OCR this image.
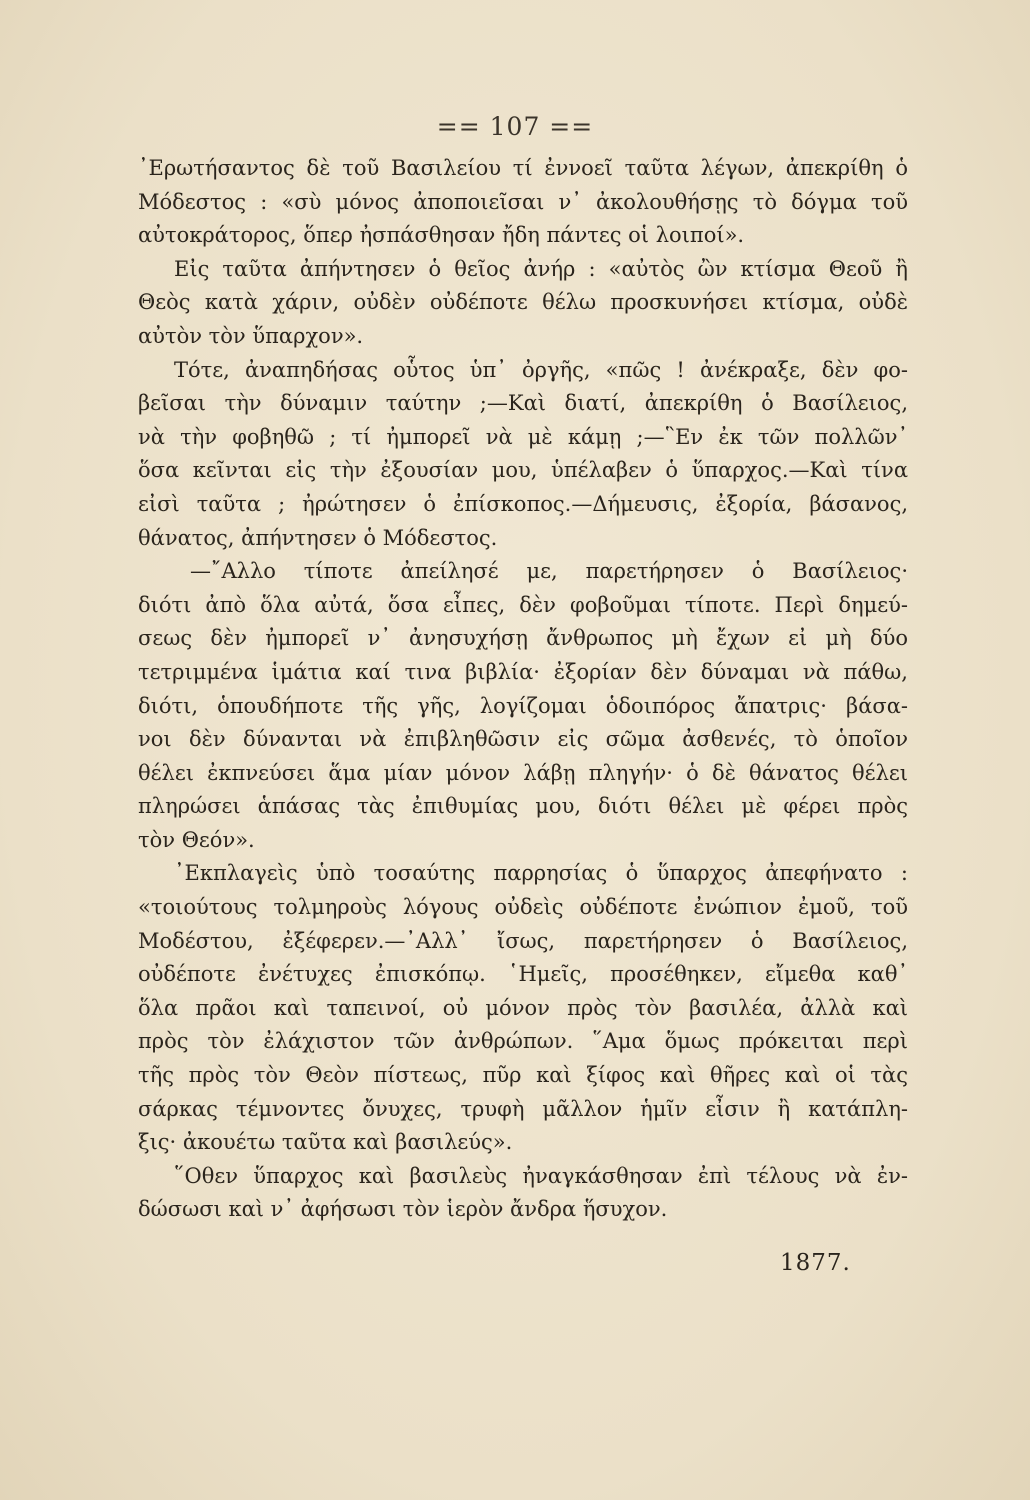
== 107 ==
᾿Ερωτήσαντος δὲ τοῦ Βασιλείου τί ἐννοεῖ ταῦτα λέγων, ἀπεκρίθη ὁ
Μόδεστος : «σὺ μόνος ἀποποιεῖσαι ν᾿ ἀκολουθήσῃς τὸ δόγμα τοῦ
αὐτοκράτορος, ὅπερ ἠσπάσθησαν ἤδη πάντες οἱ λοιποί».
Εἰς ταῦτα ἀπήντησεν ὁ θεῖος ἀνήρ : «αὐτὸς ὢν κτίσμα Θεοῦ ἢ
Θεὸς κατὰ χάριν, οὐδὲν οὐδέποτε θέλω προσκυνήσει κτίσμα, οὐδὲ
αὐτὸν τὸν ὕπαρχον».
Τότε, ἀναπηδήσας οὗτος ὑπ᾿ ὀργῆς, «πῶς ! ἀνέκραξε, δὲν φο-
βεῖσαι τὴν δύναμιν ταύτην ;—Καὶ διατί, ἀπεκρίθη ὁ Βασίλειος,
νὰ τὴν φοβηθῶ ; τί ἠμπορεῖ νὰ μὲ κάμῃ ;—῝Εν ἐκ τῶν πολλῶν᾿
ὅσα κεῖνται εἰς τὴν ἐξουσίαν μου, ὑπέλαβεν ὁ ὕπαρχος.—Καὶ τίνα
εἰσὶ ταῦτα ; ἠρώτησεν ὁ ἐπίσκοπος.—Δήμευσις, ἐξορία, βάσανος,
θάνατος, ἀπήντησεν ὁ Μόδεστος.
—῎Αλλο τίποτε ἀπείλησέ με, παρετήρησεν ὁ Βασίλειος·
διότι ἀπὸ ὅλα αὐτά, ὅσα εἶπες, δὲν φοβοῦμαι τίποτε. Περὶ δημεύ-
σεως δὲν ἠμπορεῖ ν᾿ ἀνησυχήσῃ ἄνθρωπος μὴ ἔχων εἰ μὴ δύο
τετριμμένα ἱμάτια καί τινα βιβλία· ἐξορίαν δὲν δύναμαι νὰ πάθω,
διότι, ὁπουδήποτε τῆς γῆς, λογίζομαι ὁδοιπόρος ἄπατρις· βάσα-
νοι δὲν δύνανται νὰ ἐπιβληθῶσιν εἰς σῶμα ἀσθενές, τὸ ὁποῖον
θέλει ἐκπνεύσει ἅμα μίαν μόνον λάβῃ πληγήν· ὁ δὲ θάνατος θέλει
πληρώσει ἁπάσας τὰς ἐπιθυμίας μου, διότι θέλει μὲ φέρει πρὸς
τὸν Θεόν».
᾿Εκπλαγεὶς ὑπὸ τοσαύτης παρρησίας ὁ ὕπαρχος ἀπεφήνατο :
«τοιούτους τολμηροὺς λόγους οὐδεὶς οὐδέποτε ἐνώπιον ἐμοῦ, τοῦ
Μοδέστου, ἐξέφερεν.—᾿Αλλ᾿ ἴσως, παρετήρησεν ὁ Βασίλειος,
οὐδέποτε ἐνέτυχες ἐπισκόπῳ. ῾Ημεῖς, προσέθηκεν, εἴμεθα καθ᾿
ὅλα πρᾶοι καὶ ταπεινοί, οὐ μόνον πρὸς τὸν βασιλέα, ἀλλὰ καὶ
πρὸς τὸν ἐλάχιστον τῶν ἀνθρώπων. ῞Αμα ὅμως πρόκειται περὶ
τῆς πρὸς τὸν Θεὸν πίστεως, πῦρ καὶ ξίφος καὶ θῆρες καὶ οἱ τὰς
σάρκας τέμνοντες ὄνυχες, τρυφὴ μᾶλλον ἡμῖν εἶσιν ἢ κατάπλη-
ξις· ἀκουέτω ταῦτα καὶ βασιλεύς».
῞Οθεν ὕπαρχος καὶ βασιλεὺς ἠναγκάσθησαν ἐπὶ τέλους νὰ ἐν-
δώσωσι καὶ ν᾿ ἀφήσωσι τὸν ἱερὸν ἄνδρα ἥσυχον.
1877.
